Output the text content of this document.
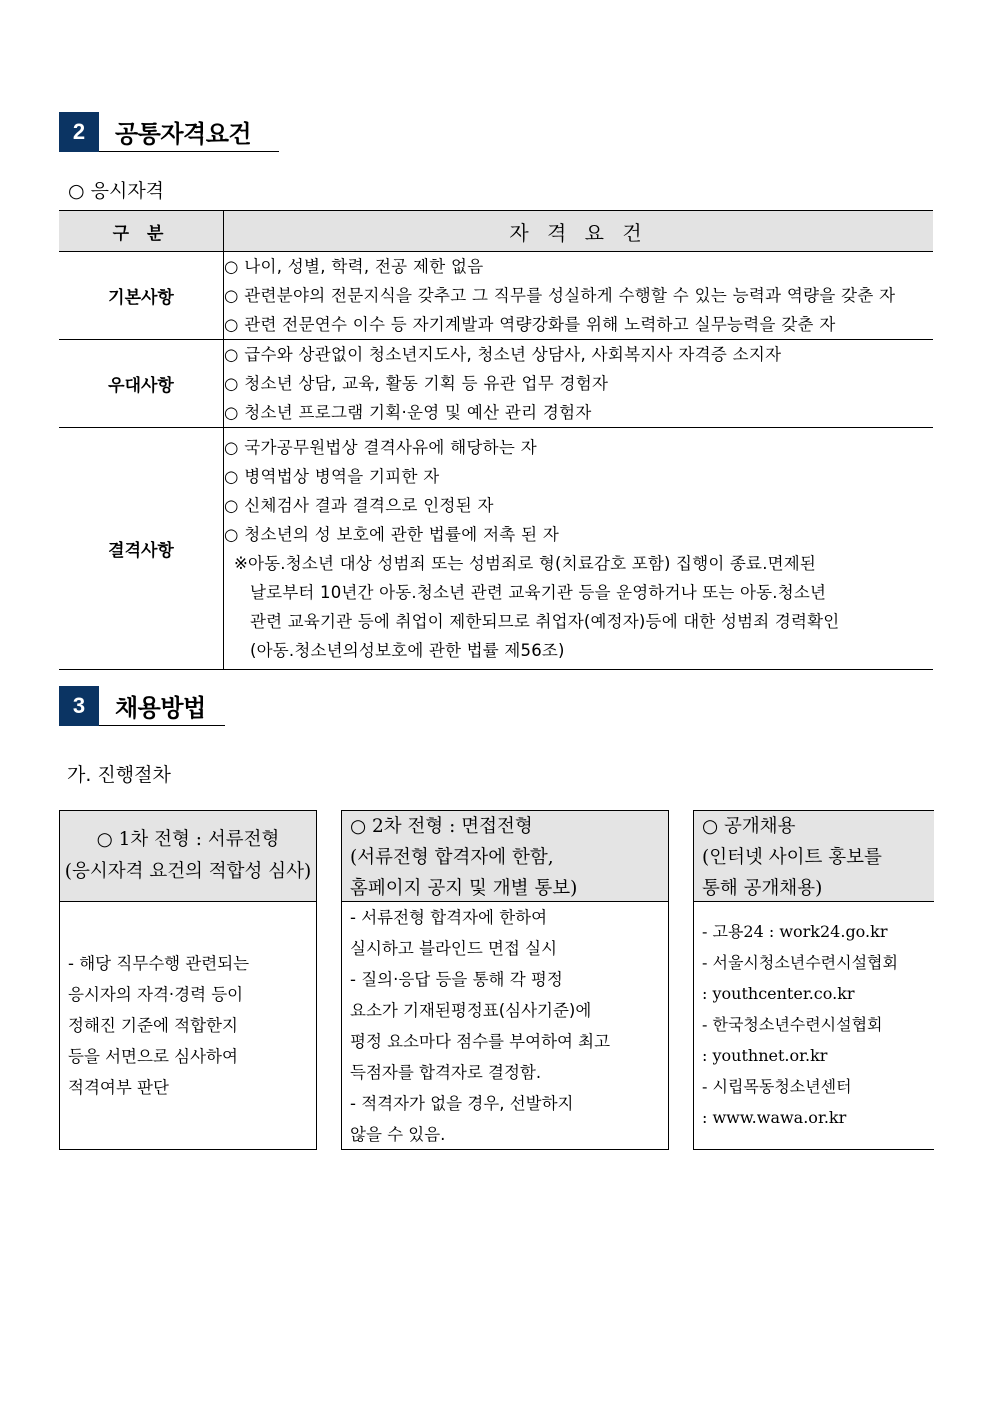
2	공통자격요건
○ 응시자격
구 분	자 격 요 건
기본사항	○ 나이, 성별, 학력, 전공 제한 없음
○ 관련분야의 전문지식을 갖추고 그 직무를 성실하게 수행할 수 있는 능력과 역량을 갖춘 자
○ 관련 전문연수 이수 등 자기계발과 역량강화를 위해 노력하고 실무능력을 갖춘 자

우대사항	○ 급수와 상관없이 청소년지도사, 청소년 상담사, 사회복지사 자격증 소지자
○ 청소년 상담, 교육, 활동 기획 등 유관 업무 경험자
○ 청소년 프로그램 기획·운영 및 예산 관리 경험자

결격사항	
○ 국가공무원법상 결격사유에 해당하는 자
○ 병역법상 병역을 기피한 자
○ 신체검사 결과 결격으로 인정된 자
○ 청소년의 성 보호에 관한 법률에 저촉 된 자
※아동.청소년 대상 성범죄 또는 성범죄로 형(치료감호 포함) 집행이 종료.면제된
날로부터 10년간 아동.청소년 관련 교육기관 등을 운영하거나 또는 아동.청소년
관련 교육기관 등에 취업이 제한되므로 취업자(예정자)등에 대한 성범죄 경력확인
(아동.청소년의성보호에 관한 법률 제56조)
3	채용방법
가. 진행절차
○ 1차 전형 : 서류전형
(응시자격 요건의 적합성 심사)
- 해당 직무수행 관련되는
응시자의 자격·경력 등이
정해진 기준에 적합한지
등을 서면으로 심사하여
적격여부 판단
○ 2차 전형 : 면접전형
(서류전형 합격자에 한함,
홈페이지 공지 및 개별 통보)
- 서류전형 합격자에 한하여
실시하고 블라인드 면접 실시
- 질의·응답 등을 통해 각 평정
요소가 기재된평정표(심사기준)에
평정 요소마다 점수를 부여하여 최고
득점자를 합격자로 결정함.
- 적격자가 없을 경우, 선발하지
않을 수 있음.
○ 공개채용
(인터넷 사이트 홍보를
통해 공개채용)
- 고용24 : work24.go.kr
- 서울시청소년수련시설협회
: youthcenter.co.kr
- 한국청소년수련시설협회
: youthnet.or.kr
- 시립목동청소년센터
: www.wawa.or.kr
